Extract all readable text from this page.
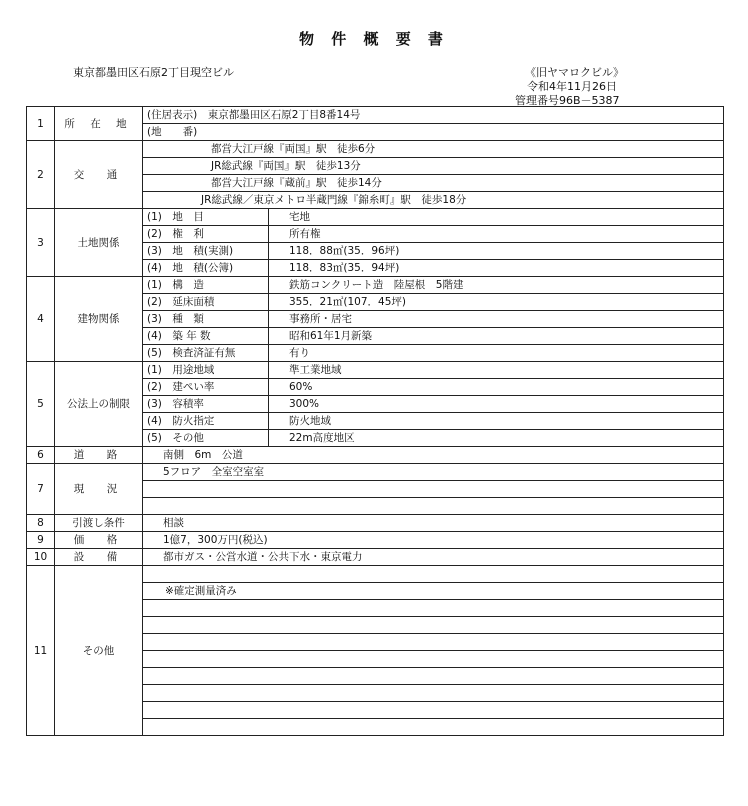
物 件 概 要 書
東京都墨田区石原2丁目現空ビル	《旧ヤマロクビル》
令和4年11月26日
管理番号96B－5387
1	所 在 地	(住居表示)　東京都墨田区石原2丁目8番14号	
		(地　　番)	
2	交　通	都営大江戸線『両国』駅　徒歩6分	
		JR総武線『両国』駅　徒歩13分	
		都営大江戸線『蔵前』駅　徒歩14分	
		JR総武線／東京メトロ半蔵門線『錦糸町』駅　徒歩18分	
3	土地関係	(1)　地　目	宅地
		(2)　権　利	所有権
		(3)　地　積(実測)	118．88㎡(35．96坪)
		(4)　地　積(公簿)	118．83㎡(35．94坪)
4	建物関係	(1)　構　造	鉄筋コンクリート造　陸屋根　5階建
		(2)　延床面積	355．21㎡(107．45坪)
		(3)　種　類	事務所・居宅
		(4)　築 年 数	昭和61年1月新築
		(5)　検査済証有無	有り
5	公法上の制限	(1)　用途地域	準工業地域
		(2)　建ぺい率	60%
		(3)　容積率	300%
		(4)　防火指定	防火地域
		(5)　その他	22m高度地区
6	道　路	南側　6m　公道	
7	現　況	5フロア　全室空室室	

8	引渡し条件	相談	
9	価　格	1億7，300万円(税込)	
10	設　備	都市ガス・公営水道・公共下水・東京電力	
11	その他		
		※確定測量済み	
